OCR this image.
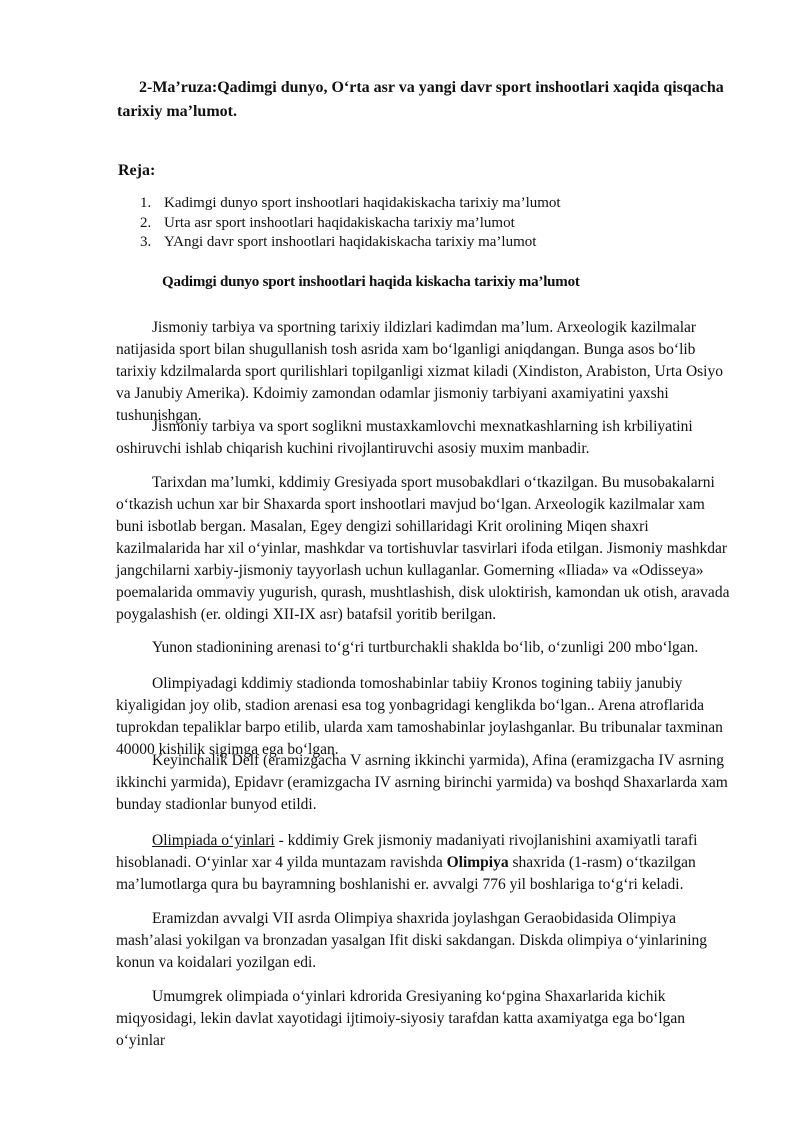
2-Ma’ruza:Qadimgi dunyo, O‘rta asr va yangi davr sport inshootlari xaqida qisqacha tarixiy ma’lumot.
Reja:
1. Kadimgi dunyo sport inshootlari haqidakiskacha tarixiy ma’lumot
2. Urta asr sport inshootlari haqidakiskacha tarixiy ma’lumot
3. YAngi davr sport inshootlari haqidakiskacha tarixiy ma’lumot
Qadimgi dunyo sport inshootlari haqida kiskacha tarixiy ma’lumot

Jismoniy tarbiya va sportning tarixiy ildizlari kadimdan ma’lum. Arxeologik kazilmalar natijasida sport bilan shugullanish tosh asrida xam bo‘lganligi aniqdangan. Bunga asos bo‘lib tarixiy kdzilmalarda sport qurilishlari topilganligi xizmat kiladi (Xindiston, Arabiston, Urta Osiyo va Janubiy Amerika). Kdoimiy zamondan odamlar jismoniy tarbiyani axamiyatini yaxshi tushunishgan.

Jismoniy tarbiya va sport soglikni mustaxkamlovchi mexnatkashlarning ish krbiliyatini oshiruvchi ishlab chiqarish kuchini rivojlantiruvchi asosiy muxim manbadir.

Tarixdan ma’lumki, kddimiy Gresiyada sport musobakdlari o‘tkazilgan. Bu musobakalarni o‘tkazish uchun xar bir Shaxarda sport inshootlari mavjud bo‘lgan. Arxeologik kazilmalar xam buni isbotlab bergan. Masalan, Egey dengizi sohillaridagi Krit orolining Miqen shaxri kazilmalarida har xil o‘yinlar, mashkdar va tortishuvlar tasvirlari ifoda etilgan. Jismoniy mashkdar jangchilarni xarbiy-jismoniy tayyorlash uchun kullaganlar. Gomerning «Iliada» va «Odisseya» poemalarida ommaviy yugurish, qurash, mushtlashish, disk uloktirish, kamondan uk otish, aravada poygalashish (er. oldingi XII-IX asr) batafsil yoritib berilgan.

Yunon stadionining arenasi to‘g‘ri turtburchakli shaklda bo‘lib, o‘zunligi 200 mbo‘lgan.

Olimpiyadagi kddimiy stadionda tomoshabinlar tabiiy Kronos togining tabiiy janubiy kiyaligidan joy olib, stadion arenasi esa tog yonbagridagi kenglikda bo‘lgan.. Arena atroflarida tuprokdan tepaliklar barpo etilib, ularda xam tamoshabinlar joylashganlar. Bu tribunalar taxminan 40000 kishilik sigimga ega bo‘lgan.

Keyinchalik Delf (eramizgacha V asrning ikkinchi yarmida), Afina (eramizgacha IV asrning ikkinchi yarmida), Epidavr (eramizgacha IV asrning birinchi yarmida) va boshqd Shaxarlarda xam bunday stadionlar bunyod etildi.

Olimpiada o‘yinlari - kddimiy Grek jismoniy madaniyati rivojlanishini axamiyatli tarafi hisoblanadi. O‘yinlar xar 4 yilda muntazam ravishda Olimpiya shaxrida (1-rasm) o‘tkazilgan ma’lumotlarga qura bu bayramning boshlanishi er. avvalgi 776 yil boshlariga to‘g‘ri keladi.

Eramizdan avvalgi VII asrda Olimpiya shaxrida joylashgan Geraobidasida Olimpiya mash’alasi yokilgan va bronzadan yasalgan Ifit diski sakdangan. Diskda olimpiya o‘yinlarining konun va koidalari yozilgan edi.

Umumgrek olimpiada o‘yinlari kdrorida Gresiyaning ko‘pgina Shaxarlarida kichik miqyosidagi, lekin davlat xayotidagi ijtimoiy-siyosiy tarafdan katta axamiyatga ega bo‘lgan o‘yinlar
